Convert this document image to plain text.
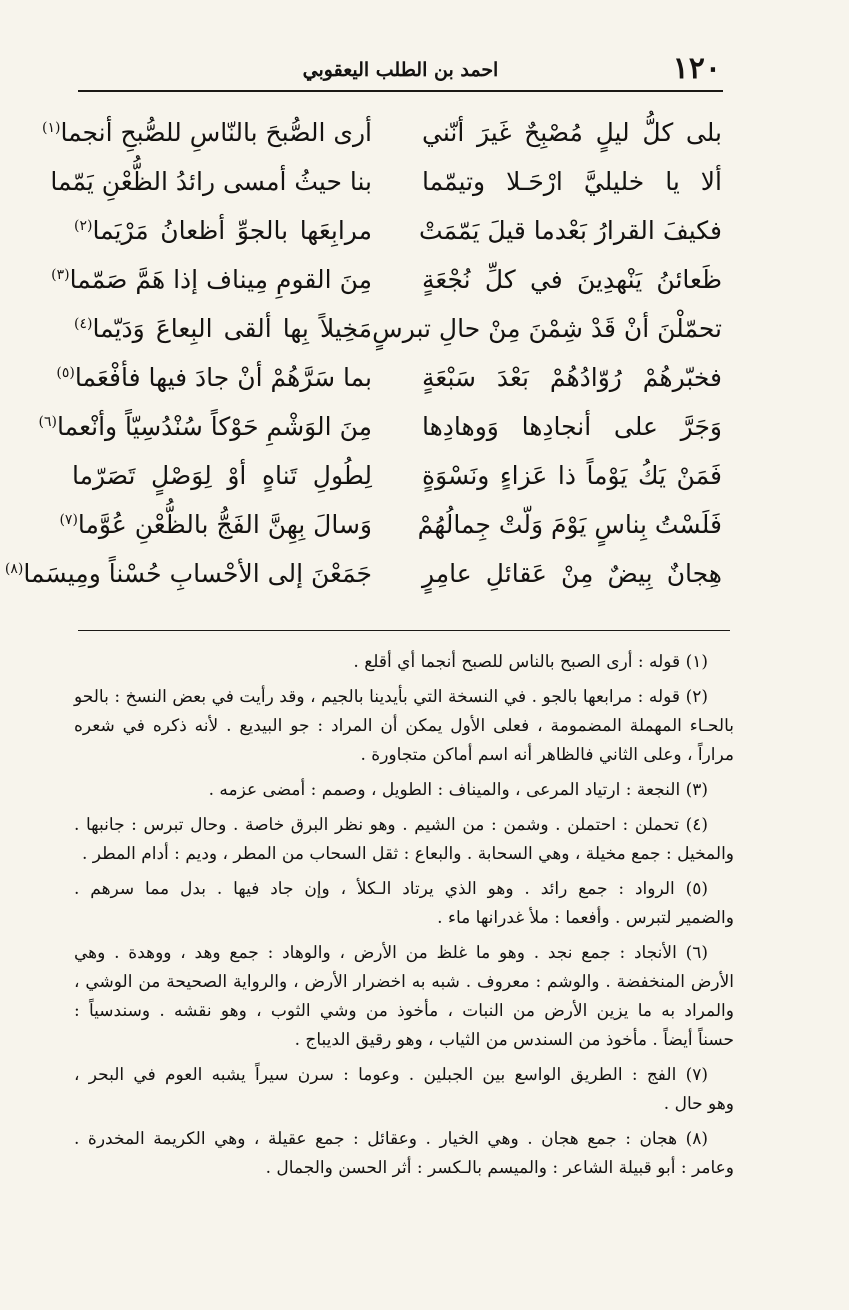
١٢٠
احمد بن الطلب اليعقوبي
بلى كلُّ ليلٍ مُصْبِحٌ غَيرَ أنّني
أرى الصُّبحَ بالنّاسِ للصُّبحِ أنجما$^{(١)}$
ألا يا خليليَّ ارْحَـلا وتيمّما
بنا حيثُ أمسى رائدُ الظُّعْنِ يَمّما
فكيفَ القرارُ بَعْدما قيلَ يَمّمَتْ
مرابِعَها بالجوِّ أظعانُ مَرْيَما$^{(٢)}$
ظَعائنُ يَنْهدِينَ في كلِّ نُجْعَةٍ
مِنَ القومِ مِيناف إذا هَمَّ صَمّما$^{(٣)}$
تحمّلْنَ أنْ قَدْ شِمْنَ مِنْ حالِ تبرسٍ
مَخِيلاً بِها ألقى البِعاعَ وَدَيّما$^{(٤)}$
فخبّرهُمْ رُوّادُهُمْ بَعْدَ سَبْعَةٍ
بما سَرَّهُمْ أنْ جادَ فيها فأفْعَما$^{(٥)}$
وَجَرَّ على أنجادِها وَوهادِها
مِنَ الوَشْمِ حَوْكاً سُنْدُسِيّاً وأنْعما$^{(٦)}$
فَمَنْ يَكُ يَوْماً ذا عَزاءٍ ونَسْوَةٍ
لِطُولِ تَناهٍ أوْ لِوَصْلٍ تَصَرّما
فَلَسْتُ بِناسٍ يَوْمَ وَلّتْ جِمالُهُمْ
وَسالَ بِهِنَّ الفَجُّ بالظُّعْنِ عُوَّما$^{(٧)}$
هِجانٌ بِيضٌ مِنْ عَقائلِ عامِرٍ
جَمَعْنَ إلى الأحْسابِ حُسْناً ومِيسَما$^{(٨)}$
(١) قوله : أرى الصبح بالناس للصبح أنجما أي أقلع .
(٢) قوله : مرابعها بالجو . في النسخة التي بأيدينا بالجيم ، وقد رأيت في بعض النسخ : بالحو
بالحـاء المهملة المضمومة ، فعلى الأول يمكن أن المراد : جو البيديع . لأنه ذكره في شعره
مراراً ، وعلى الثاني فالظاهر أنه اسم أماكن متجاورة .
(٣) النجعة : ارتياد المرعى ، والميناف : الطويل ، وصمم : أمضى عزمه .
(٤) تحملن : احتملن . وشمن : من الشيم . وهو نظر البرق خاصة . وحال تبرس : جانبها .
والمخيل : جمع مخيلة ، وهي السحابة . والبعاع : ثقل السحاب من المطر ، وديم : أدام المطر .
(٥) الرواد : جمع رائد . وهو الذي يرتاد الـكلأ ، وإن جاد فيها . بدل مما سرهم .
والضمير لتبرس . وأفعما : ملأ غدرانها ماء .
(٦) الأنجاد : جمع نجد . وهو ما غلظ من الأرض ، والوهاد : جمع وهد ، ووهدة . وهي
الأرض المنخفضة . والوشم : معروف . شبه به اخضرار الأرض ، والرواية الصحيحة من الوشي ،
والمراد به ما يزين الأرض من النبات ، مأخوذ من وشي الثوب ، وهو نقشه . وسندسياً :
حسناً أيضاً . مأخوذ من السندس من الثياب ، وهو رقيق الديباج .
(٧) الفج : الطريق الواسع بين الجبلين . وعوما : سرن سيراً يشبه العوم في البحر ،
وهو حال .
(٨) هجان : جمع هجان . وهي الخيار . وعقائل : جمع عقيلة ، وهي الكريمة المخدرة .
وعامر : أبو قبيلة الشاعر : والميسم بالـكسر : أثر الحسن والجمال .
